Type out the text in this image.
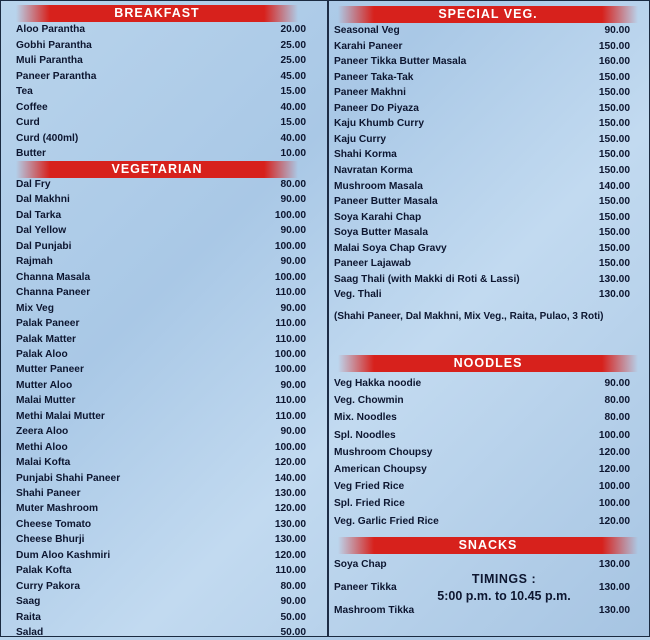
BREAKFAST
Aloo Parantha	20.00
Gobhi Parantha	25.00
Muli Parantha	25.00
Paneer Parantha	45.00
Tea	15.00
Coffee	40.00
Curd	15.00
Curd (400ml)	40.00
Butter	10.00
VEGETARIAN
Dal Fry	80.00
Dal Makhni	90.00
Dal Tarka	100.00
Dal Yellow	90.00
Dal Punjabi	100.00
Rajmah	90.00
Channa Masala	100.00
Channa Paneer	110.00
Mix Veg	90.00
Palak Paneer	110.00
Palak Matter	110.00
Palak Aloo	100.00
Mutter Paneer	100.00
Mutter Aloo	90.00
Malai Mutter	110.00
Methi Malai Mutter	110.00
Zeera Aloo	90.00
Methi Aloo	100.00
Malai Kofta	120.00
Punjabi Shahi Paneer	140.00
Shahi Paneer	130.00
Muter Mashroom	120.00
Cheese Tomato	130.00
Cheese Bhurji	130.00
Dum Aloo Kashmiri	120.00
Palak Kofta	110.00
Curry Pakora	80.00
Saag	90.00
Raita	50.00
Salad	50.00
SPECIAL VEG.
Seasonal Veg	90.00
Karahi Paneer	150.00
Paneer Tikka Butter Masala	160.00
Paneer Taka-Tak	150.00
Paneer Makhni	150.00
Paneer Do Piyaza	150.00
Kaju Khumb Curry	150.00
Kaju Curry	150.00
Shahi Korma	150.00
Navratan Korma	150.00
Mushroom Masala	140.00
Paneer Butter Masala	150.00
Soya Karahi Chap	150.00
Soya Butter Masala	150.00
Malai Soya Chap Gravy	150.00
Paneer Lajawab	150.00
Saag Thali (with Makki di Roti & Lassi)	130.00
Veg. Thali	130.00
(Shahi Paneer, Dal Makhni, Mix Veg., Raita, Pulao, 3 Roti)
NOODLES
Veg Hakka noodie	90.00
Veg. Chowmin	80.00
Mix. Noodles	80.00
Spl. Noodles	100.00
Mushroom Choupsy	120.00
American Choupsy	120.00
Veg Fried Rice	100.00
Spl. Fried Rice	100.00
Veg. Garlic Fried Rice	120.00
SNACKS
Soya Chap	130.00
Paneer Tikka	130.00
Mashroom Tikka	130.00
TIMINGS :
5:00 p.m. to 10.45 p.m.
